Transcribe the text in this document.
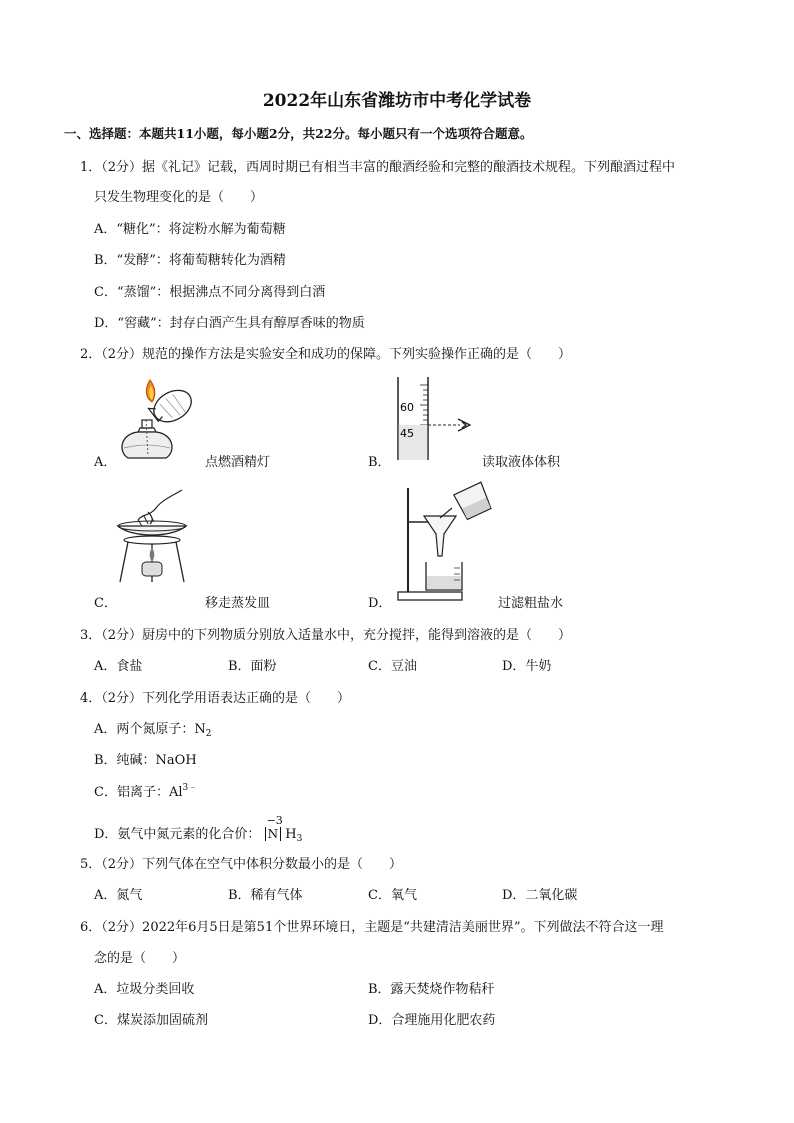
2022年山东省潍坊市中考化学试卷
一、选择题：本题共11小题，每小题2分，共22分。每小题只有一个选项符合题意。
1．（2分）据《礼记》记载，西周时期已有相当丰富的酿酒经验和完整的酿酒技术规程。下列酿酒过程中
只发生物理变化的是（　　）
A．“糖化”：将淀粉水解为葡萄糖
B．“发酵”：将葡萄糖转化为酒精
C．“蒸馏”：根据沸点不同分离得到白酒
D．“窖藏”：封存白酒产生具有醇厚香味的物质
2．（2分）规范的操作方法是实验安全和成功的保障。下列实验操作正确的是（　　）
A．	点燃酒精灯
60
45
B．	读取液体体积
C．	移走蒸发皿	D．	过滤粗盐水
3．（2分）厨房中的下列物质分别放入适量水中，充分搅拌，能得到溶液的是（　　）
A．食盐	B．面粉	C．豆油	D．牛奶
4．（2分）下列化学用语表达正确的是（　　）
A．两个氮原子：$N_2$
B．纯碱：NaOH
C．铝离子：$Al^{3﹣}$
D．氨气中氮元素的化合价：
−3
N $H_3$
5．（2分）下列气体在空气中体积分数最小的是（　　）
A．氮气	B．稀有气体	C．氧气	D．二氧化碳
6．（2分）2022年6月5日是第51个世界环境日，主题是“共建清洁美丽世界”。下列做法不符合这一理
念的是（　　）
A．垃圾分类回收	B．露天焚烧作物秸秆
C．煤炭添加固硫剂	D．合理施用化肥农药
